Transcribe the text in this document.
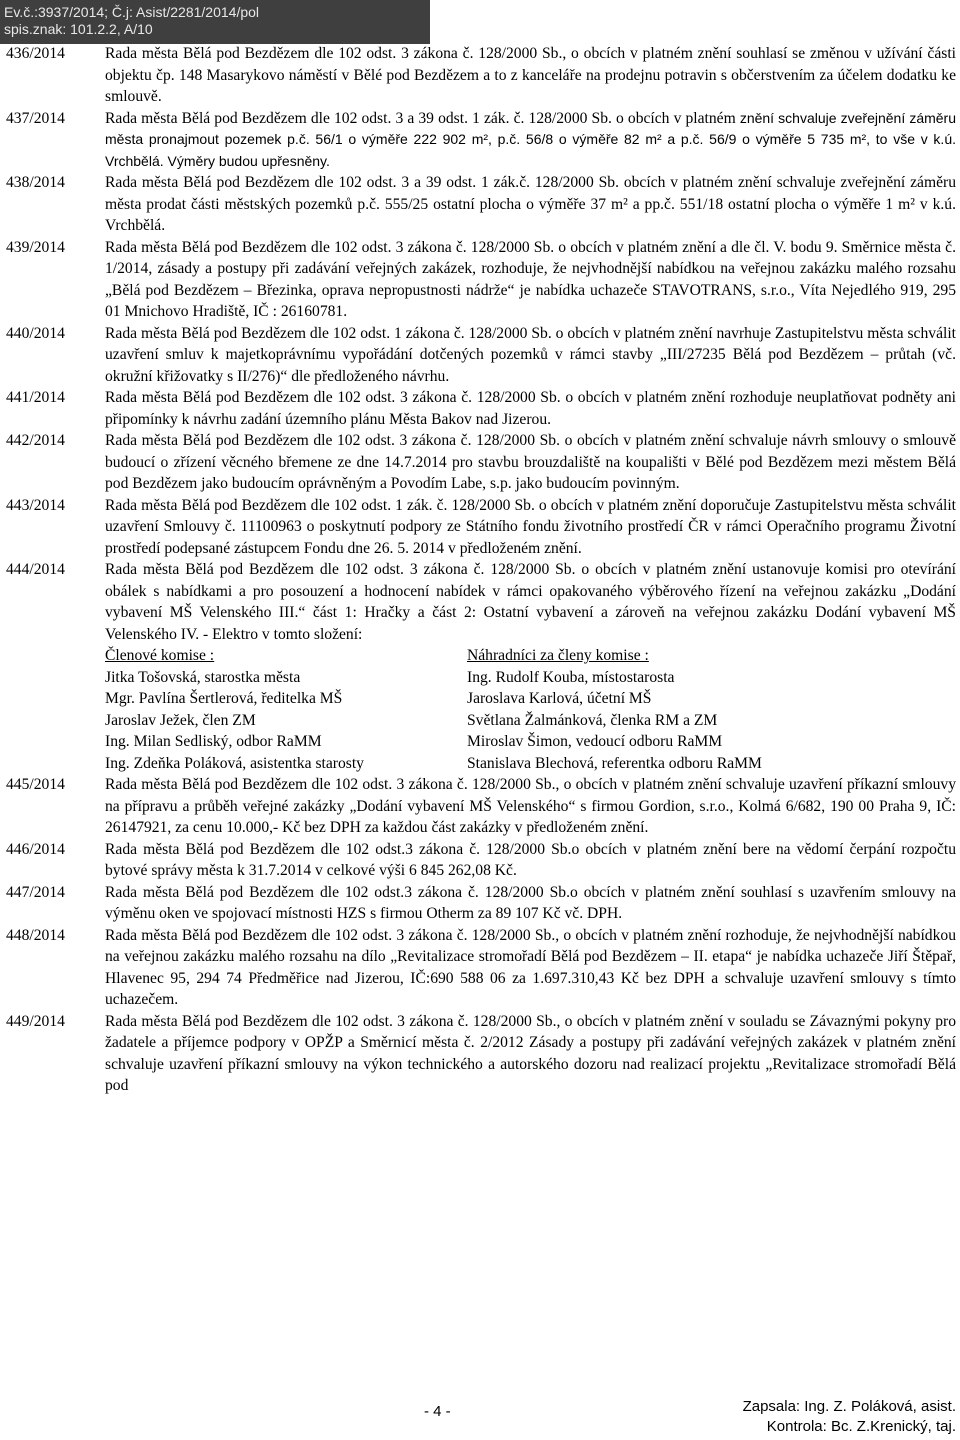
Ev.č.:3937/2014; Č.j: Asist/2281/2014/pol
spis.znak: 101.2.2, A/10
436/2014	Rada města Bělá pod Bezdězem dle 102 odst. 3 zákona č. 128/2000 Sb., o obcích v platném znění souhlasí se změnou v užívání části objektu čp. 148 Masarykovo náměstí v Bělé pod Bezdězem a to z kanceláře na prodejnu potravin s občerstvením za účelem dodatku ke smlouvě.
437/2014	Rada města Bělá pod Bezdězem dle 102 odst. 3 a 39 odst. 1 zák. č. 128/2000 Sb. o obcích v platném znění schvaluje zveřejnění záměru města pronajmout pozemek p.č. 56/1 o výměře 222 902 m², p.č. 56/8 o výměře 82 m² a p.č. 56/9 o výměře 5 735 m², to vše v k.ú. Vrchbělá. Výměry budou upřesněny.
438/2014	Rada města Bělá pod Bezdězem dle 102 odst. 3 a 39 odst. 1 zák.č. 128/2000 Sb. obcích v platném znění schvaluje zveřejnění záměru města prodat části městských pozemků p.č. 555/25 ostatní plocha o výměře 37 m² a pp.č. 551/18 ostatní plocha o výměře 1 m² v k.ú. Vrchbělá.
439/2014	Rada města Bělá pod Bezdězem dle 102 odst. 3 zákona č. 128/2000 Sb. o obcích v platném znění a dle čl. V. bodu 9. Směrnice města č. 1/2014, zásady a postupy při zadávání veřejných zakázek, rozhoduje, že nejvhodnější nabídkou na veřejnou zakázku malého rozsahu „Bělá pod Bezdězem – Březinka, oprava nepropustnosti nádrže“ je nabídka uchazeče STAVOTRANS, s.r.o., Víta Nejedlého 919, 295 01 Mnichovo Hradiště, IČ : 26160781.
440/2014	Rada města Bělá pod Bezdězem dle 102 odst. 1 zákona č. 128/2000 Sb. o obcích v platném znění navrhuje Zastupitelstvu města schválit uzavření smluv k majetkoprávnímu vypořádání dotčených pozemků v rámci stavby „III/27235 Bělá pod Bezdězem – průtah (vč. okružní křižovatky s II/276)“ dle předloženého návrhu.
441/2014	Rada města Bělá pod Bezdězem dle 102 odst. 3 zákona č. 128/2000 Sb. o obcích v platném znění rozhoduje neuplatňovat podněty ani připomínky k návrhu zadání územního plánu Města Bakov nad Jizerou.
442/2014	Rada města Bělá pod Bezdězem dle 102 odst. 3 zákona č. 128/2000 Sb. o obcích v platném znění schvaluje návrh smlouvy o smlouvě budoucí o zřízení věcného břemene ze dne 14.7.2014 pro stavbu brouzdaliště na koupališti v Bělé pod Bezdězem mezi městem Bělá pod Bezdězem jako budoucím oprávněným a Povodím Labe, s.p. jako budoucím povinným.
443/2014	Rada města Bělá pod Bezdězem dle 102 odst. 1 zák. č. 128/2000 Sb. o obcích v platném znění doporučuje Zastupitelstvu města schválit uzavření Smlouvy č. 11100963 o poskytnutí podpory ze Státního fondu životního prostředí ČR v rámci Operačního programu Životní prostředí podepsané zástupcem Fondu dne 26. 5. 2014 v předloženém znění.
444/2014	Rada města Bělá pod Bezdězem dle 102 odst. 3 zákona č. 128/2000 Sb. o obcích v platném znění ustanovuje komisi pro otevírání obálek s nabídkami a pro posouzení a hodnocení nabídek v rámci opakovaného výběrového řízení na veřejnou zakázku „Dodání vybavení MŠ Velenského III.“ část 1: Hračky a část 2: Ostatní vybavení a zároveň na veřejnou zakázku Dodání vybavení MŠ Velenského IV. - Elektro v tomto složení:
Členové komise :	Náhradníci za členy komise :
Jitka Tošovská, starostka města	Ing. Rudolf Kouba, místostarosta
Mgr. Pavlína Šertlerová, ředitelka MŠ	Jaroslava Karlová, účetní MŠ
Jaroslav Ježek, člen ZM	Světlana Žalmánková, členka RM a ZM
Ing. Milan Sedliský, odbor RaMM	Miroslav Šimon, vedoucí odboru RaMM
Ing. Zdeňka Poláková, asistentka starosty	Stanislava Blechová, referentka odboru RaMM
445/2014	Rada města Bělá pod Bezdězem dle 102 odst. 3 zákona č. 128/2000 Sb., o obcích v platném znění schvaluje uzavření příkazní smlouvy na přípravu a průběh veřejné zakázky „Dodání vybavení MŠ Velenského“ s firmou Gordion, s.r.o., Kolmá 6/682, 190 00 Praha 9, IČ: 26147921, za cenu 10.000,- Kč bez DPH za každou část zakázky v předloženém znění.
446/2014	Rada města Bělá pod Bezdězem dle 102 odst.3 zákona č. 128/2000 Sb.o obcích v platném znění bere na vědomí čerpání rozpočtu bytové správy města k 31.7.2014 v celkové výši 6 845 262,08 Kč.
447/2014	Rada města Bělá pod Bezdězem dle 102 odst.3 zákona č. 128/2000 Sb.o obcích v platném znění souhlasí s uzavřením smlouvy na výměnu oken ve spojovací místnosti HZS s firmou Otherm za 89 107 Kč vč. DPH.
448/2014	Rada města Bělá pod Bezdězem dle 102 odst. 3 zákona č. 128/2000 Sb., o obcích v platném znění rozhoduje, že nejvhodnější nabídkou na veřejnou zakázku malého rozsahu na dílo „Revitalizace stromořadí Bělá pod Bezdězem – II. etapa“ je nabídka uchazeče Jiří Štěpař, Hlavenec 95, 294 74 Předměřice nad Jizerou, IČ:690 588 06 za 1.697.310,43 Kč bez DPH a schvaluje uzavření smlouvy s tímto uchazečem.
449/2014	Rada města Bělá pod Bezdězem dle 102 odst. 3 zákona č. 128/2000 Sb., o obcích v platném znění v souladu se Závaznými pokyny pro žadatele a příjemce podpory v OPŽP a Směrnicí města č. 2/2012 Zásady a postupy při zadávání veřejných zakázek v platném znění schvaluje uzavření příkazní smlouvy na výkon technického a autorského dozoru nad realizací projektu „Revitalizace stromořadí Bělá pod
- 4 -	Zapsala: Ing. Z. Poláková, asist.
Kontrola: Bc. Z.Krenický, taj.
